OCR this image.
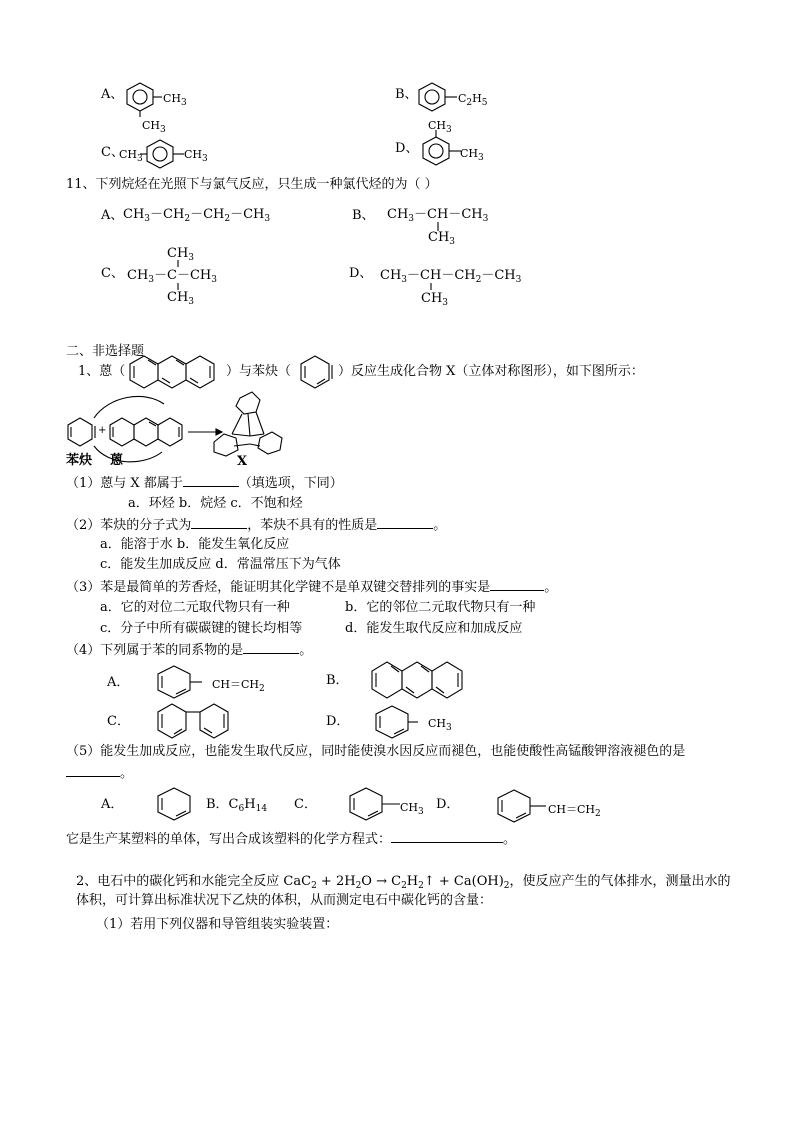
A、	$CH_3$
$CH_3$
B、	$C_2H_5$
C、
$CH_3$	$CH_3$
D、
$CH_3$
$CH_3$
11、下列烷烃在光照下与氯气反应，只生成一种氯代烃的为（ ）
A、 $CH_3-CH_2-CH_2-CH_3$	B、 $CH_3-CH-CH_3$
$CH_3$
C、
$CH_3$
$CH_3-C-CH_3$
$CH_3$
D、 $CH_3-CH-CH_2-CH_3$
$CH_3$
二、非选择题
1、蒽（	）与苯炔（	）反应生成化合物 X（立体对称图形），如下图所示：
+
苯炔 蒽	X
（1）蒽与 X 都属于	（填选项，下同）
a．环烃 b．烷烃 c．不饱和烃
（2）苯炔的分子式为	，苯炔不具有的性质是	。
a．能溶于水 b．能发生氧化反应
c．能发生加成反应 d．常温常压下为气体
（3）苯是最简单的芳香烃，能证明其化学键不是单双键交替排列的事实是	。
a．它的对位二元取代物只有一种	b．它的邻位二元取代物只有一种
c．分子中所有碳碳键的键长均相等	d．能发生取代反应和加成反应
（4）下列属于苯的同系物的是	。
A．	$CH=CH_2$
B．
C．	D．	$CH_3$
（5）能发生加成反应，也能发生取代反应，同时能使溴水因反应而褪色，也能使酸性高锰酸钾溶液褪色的是
。
A．	B．$C_6H_{14}$ C．	$CH_3$ D．	$CH=CH_2$
它是生产某塑料的单体，写出合成该塑料的化学方程式：	。
2、电石中的碳化钙和水能完全反应 $CaC_2 + 2H_2O$ → $C_2H_2↑ + Ca(OH)_2$，使反应产生的气体排水，测量出水的
体积，可计算出标准状况下乙炔的体积，从而测定电石中碳化钙的含量：
（1）若用下列仪器和导管组装实验装置：
